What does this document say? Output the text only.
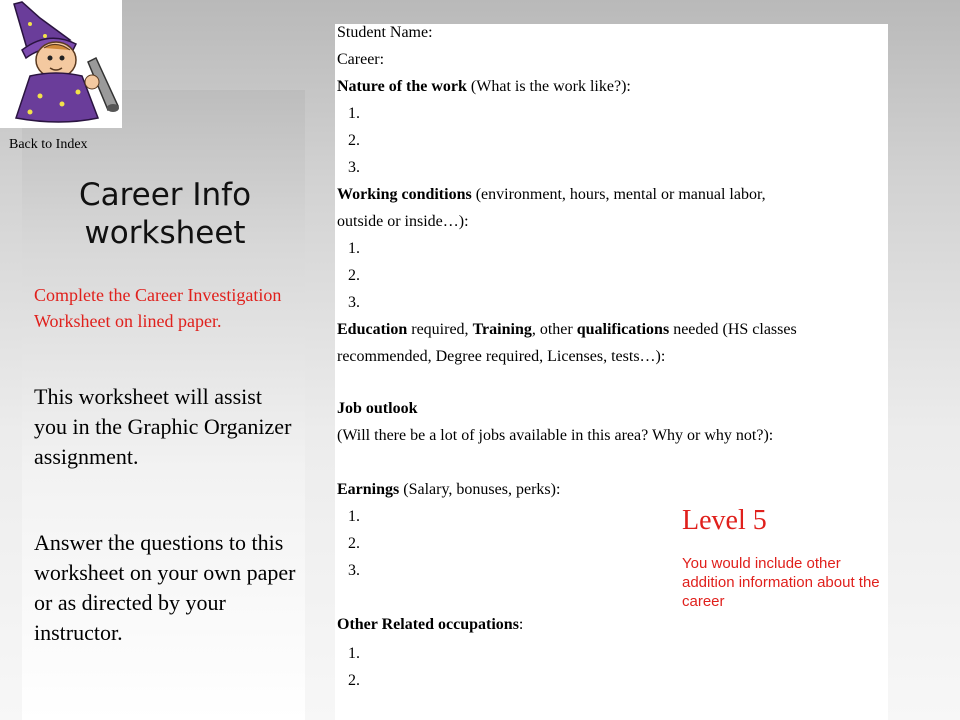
Back to Index
Career Info worksheet
Complete the Career Investigation Worksheet on lined paper.
This worksheet will assist you in the Graphic Organizer assignment.
Answer the questions to this worksheet on your own paper or as directed by your instructor.
Student Name:
Career:
Nature of the work (What is the work like?):
1.
2.
3.
Working conditions (environment, hours, mental or manual labor,
outside or inside…):
1.
2.
3.
Education required, Training, other qualifications needed (HS classes
recommended, Degree required, Licenses, tests…):
Job outlook
(Will there be a lot of jobs available in this area? Why or why not?):
Earnings (Salary, bonuses, perks):
1.
2.
3.
Other Related occupations:
1.
2.
Level 5
You would include other addition information about the career
